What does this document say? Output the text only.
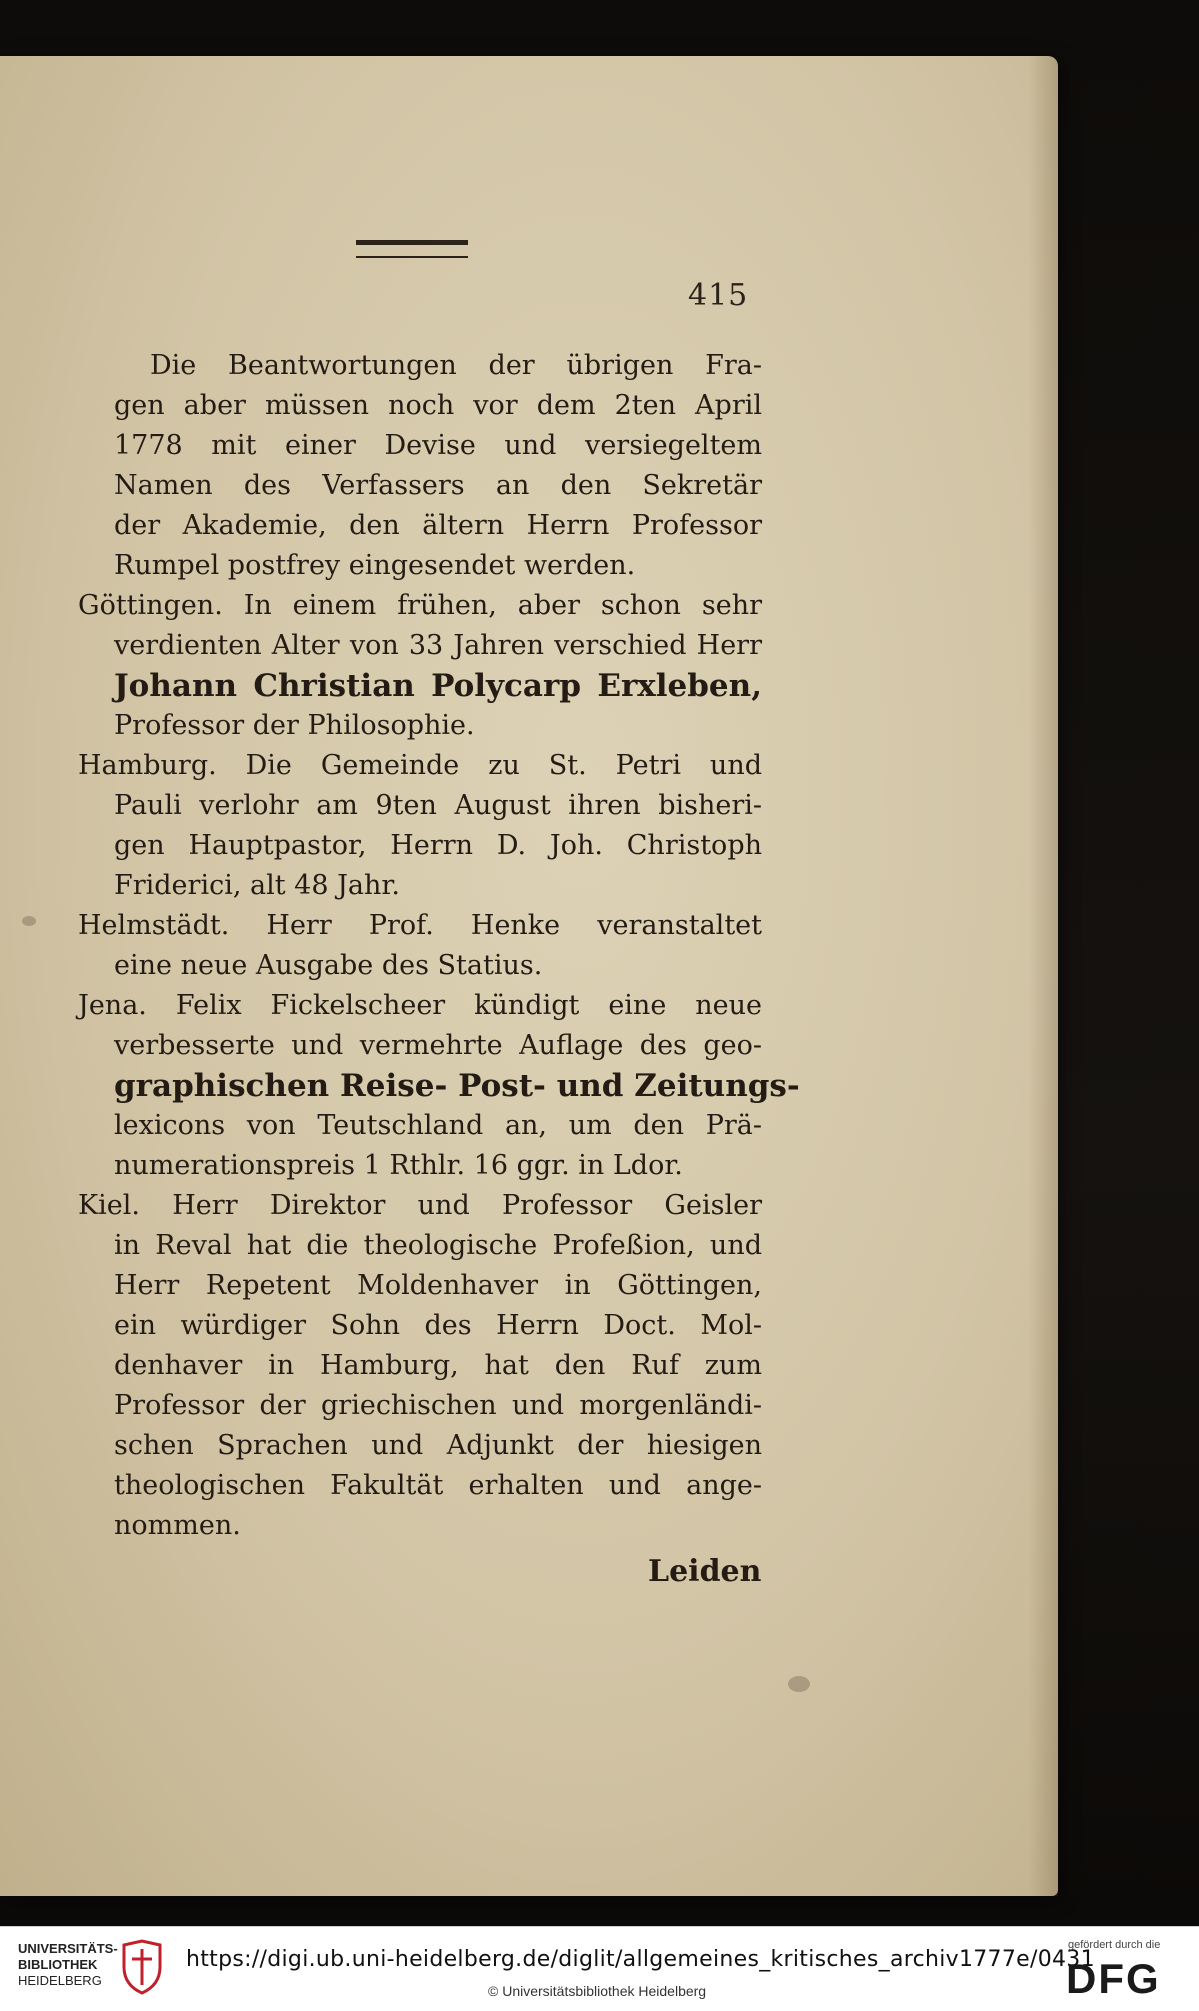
415
Die Beantwortungen der übrigen Fra-
gen aber müssen noch vor dem 2ten April
1778 mit einer Devise und versiegeltem
Namen des Verfassers an den Sekretär
der Akademie, den ältern Herrn Professor
Rumpel postfrey eingesendet werden.
Göttingen. In einem frühen, aber schon sehr
verdienten Alter von 33 Jahren verschied Herr
Johann Christian Polycarp Erxleben,
Professor der Philosophie.
Hamburg. Die Gemeinde zu St. Petri und
Pauli verlohr am 9ten August ihren bisheri-
gen Hauptpastor, Herrn D. Joh. Christoph
Friderici, alt 48 Jahr.
Helmstädt. Herr Prof. Henke veranstaltet
eine neue Ausgabe des Statius.
Jena. Felix Fickelscheer kündigt eine neue
verbesserte und vermehrte Auflage des geo-
graphischen Reise- Post- und Zeitungs-
lexicons von Teutschland an, um den Prä-
numerationspreis 1 Rthlr. 16 ggr. in Ldor.
Kiel. Herr Direktor und Professor Geisler
in Reval hat die theologische Profeßion, und
Herr Repetent Moldenhaver in Göttingen,
ein würdiger Sohn des Herrn Doct. Mol-
denhaver in Hamburg, hat den Ruf zum
Professor der griechischen und morgenländi-
schen Sprachen und Adjunkt der hiesigen
theologischen Fakultät erhalten und ange-
nommen.
Leiden
UNIVERSITÄTS-
BIBLIOTHEK
HEIDELBERG
https://digi.ub.uni-heidelberg.de/diglit/allgemeines_kritisches_archiv1777e/0431
© Universitätsbibliothek Heidelberg
gefördert durch die
DFG
